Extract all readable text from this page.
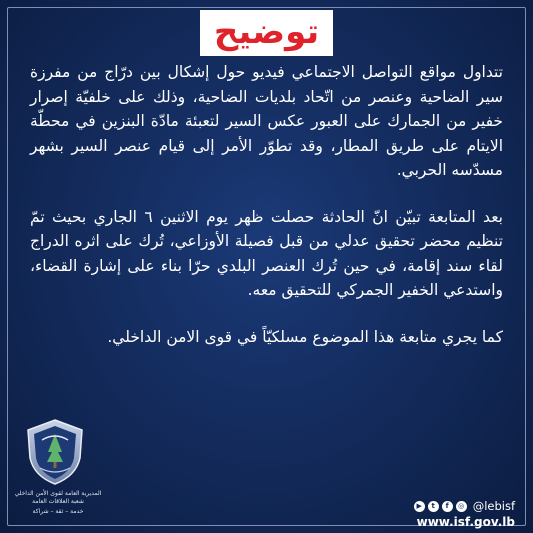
توضيح

تتداول مواقع التواصل الاجتماعي فيديو حول إشكال بين درّاج من مفرزة سير الضاحية وعنصر من اتّحاد بلديات الضاحية، وذلك على خلفيّة إصرار خفير من الجمارك على العبور عكس السير لتعبئة مادّة البنزين في محطّة الايتام على طريق المطار، وقد تطوّر الأمر إلى قيام عنصر السير بشهر مسدّسه الحربي.

بعد المتابعة تبيّن انّ الحادثة حصلت ظهر يوم الاثنين ٦ الجاري بحيث تمّ تنظيم محضر تحقيق عدلي من قبل فصيلة الأوزاعي، تُرك على اثره الدراج لقاء سند إقامة، في حين تُرك العنصر البلدي حرّا بناء على إشارة القضاء، واستدعي الخفير الجمركي للتحقيق معه.

كما يجري متابعة هذا الموضوع مسلكيّاً في قوى الامن الداخلي.

المديرية العامة لقوى الأمن الداخلي
شعبة العلاقات العامة
خدمة – ثقة – شراكة
▶	t	f	◎ @lebisf
www.isf.gov.lb
